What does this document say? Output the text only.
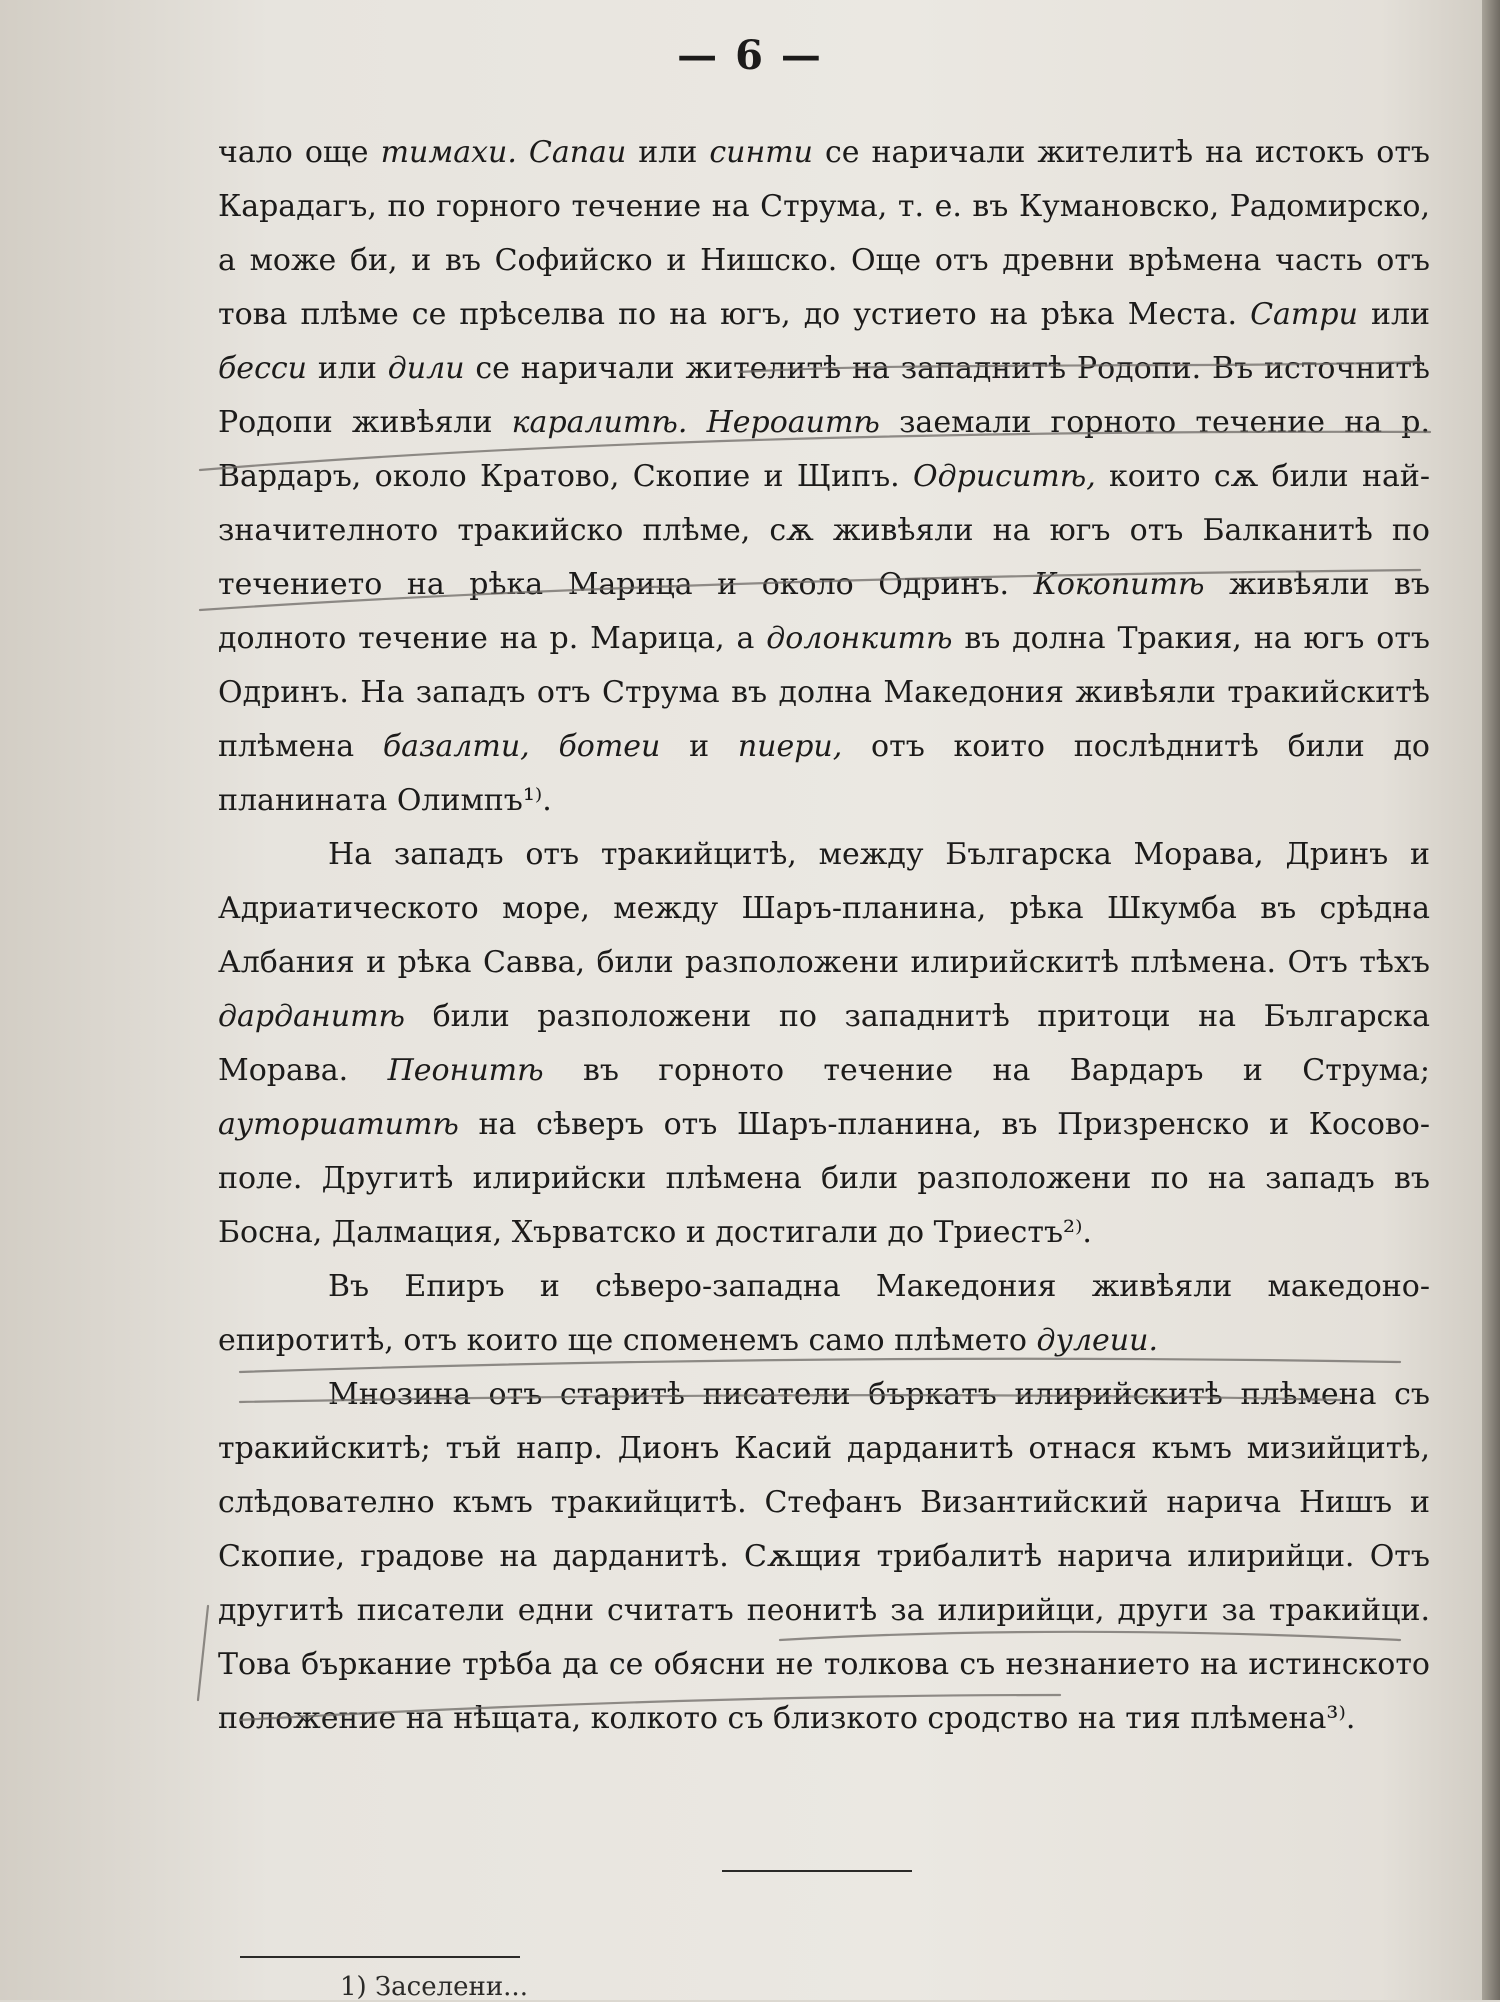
— 6 —

чало още тимахи. Сапаи или синти се наричали жителитѣ на истокъ отъ Карадагъ, по горного течение на Струма, т. е. въ Кумановско, Радомирско, а може би, и въ Софийско и Нишско. Още отъ древни врѣмена часть отъ това плѣме се прѣселва по на югъ, до устието на рѣка Места. Сатри или бесси или дили се наричали жителитѣ на западнитѣ Родопи. Въ источнитѣ Родопи живѣяли каралитѣ. Нероаитѣ заемали горното течение на р. Вардаръ, около Кратово, Скопие и Щипъ. Одриситѣ, които сѫ били най-значителното тракийско плѣме, сѫ живѣяли на югъ отъ Балканитѣ по течението на рѣка Марица и около Одринъ. Кокопитѣ живѣяли въ долното течение на р. Марица, а долонкитѣ въ долна Тракия, на югъ отъ Одринъ. На западъ отъ Струма въ долна Македония живѣяли тракийскитѣ плѣмена базалти, ботеи и пиери, отъ които послѣднитѣ били до планината Олимпъ¹⁾.

На западъ отъ тракийцитѣ, между Българска Морава, Дринъ и Адриатическото море, между Шаръ-планина, рѣка Шкумба въ срѣдна Албания и рѣка Савва, били разположени илирийскитѣ плѣмена. Отъ тѣхъ дарданитѣ били разположени по западнитѣ притоци на Българска Морава. Пеонитѣ въ горното течение на Вардаръ и Струма; аутoриатитѣ на сѣверъ отъ Шаръ-планина, въ Призренско и Косово-поле. Другитѣ илирийски плѣмена били разположени по на западъ въ Босна, Далмация, Хърватско и достигали до Триестъ²⁾.

Въ Епиръ и сѣверо-западна Македония живѣяли македоно-епиротитѣ, отъ които ще споменемъ само плѣмето дулеии.

Мнозина отъ старитѣ писатели бъркатъ илирийскитѣ плѣмена съ тракийскитѣ; тъй напр. Дионъ Касий дарданитѣ отнася къмъ мизийцитѣ, слѣдователно къмъ тракийцитѣ. Стефанъ Византийский нарича Нишъ и Скопие, градове на дарданитѣ. Сѫщия трибалитѣ нарича илирийци. Отъ другитѣ писатели едни считатъ пеонитѣ за илирийци, други за тракийци. Това бъркание трѣба да се обясни не толкова съ незнанието на истинското положение на нѣщата, колкото съ близкото сродство на тия плѣмена³⁾.

1) Заселени...
